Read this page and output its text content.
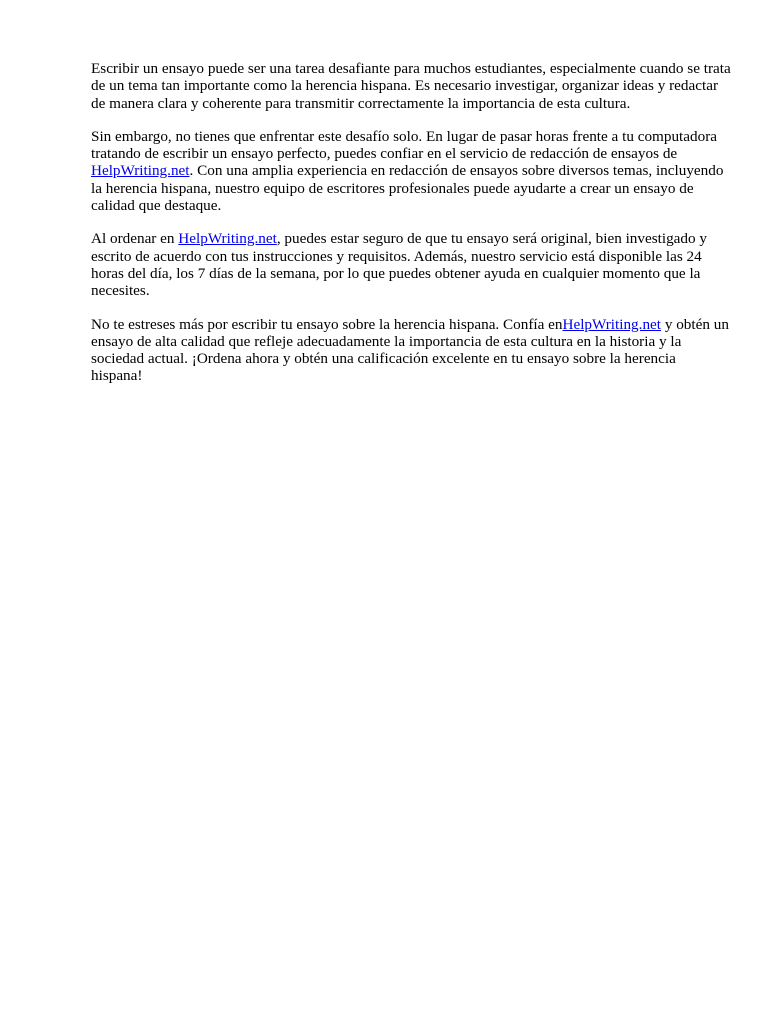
Escribir un ensayo puede ser una tarea desafiante para muchos estudiantes, especialmente cuando se trata de un tema tan importante como la herencia hispana. Es necesario investigar, organizar ideas y redactar de manera clara y coherente para transmitir correctamente la importancia de esta cultura.

Sin embargo, no tienes que enfrentar este desafío solo. En lugar de pasar horas frente a tu computadora tratando de escribir un ensayo perfecto, puedes confiar en el servicio de redacción de ensayos de HelpWriting.net. Con una amplia experiencia en redacción de ensayos sobre diversos temas, incluyendo la herencia hispana, nuestro equipo de escritores profesionales puede ayudarte a crear un ensayo de calidad que destaque.

Al ordenar en HelpWriting.net, puedes estar seguro de que tu ensayo será original, bien investigado y escrito de acuerdo con tus instrucciones y requisitos. Además, nuestro servicio está disponible las 24 horas del día, los 7 días de la semana, por lo que puedes obtener ayuda en cualquier momento que la necesites.

No te estreses más por escribir tu ensayo sobre la herencia hispana. Confía enHelpWriting.net y obtén un ensayo de alta calidad que refleje adecuadamente la importancia de esta cultura en la historia y la sociedad actual. ¡Ordena ahora y obtén una calificación excelente en tu ensayo sobre la herencia hispana!
